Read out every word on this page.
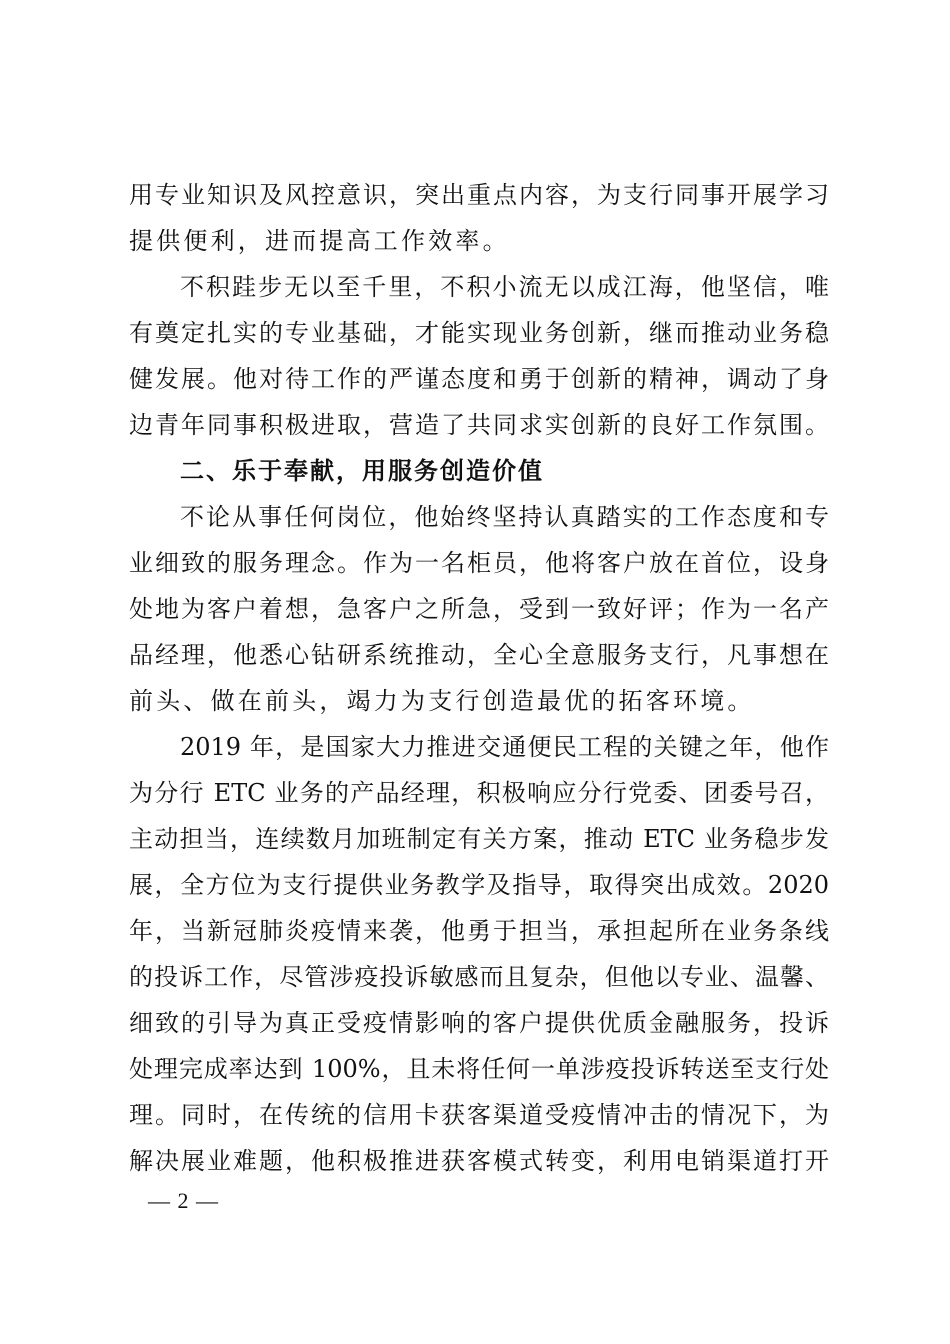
用专业知识及风控意识，突出重点内容，为支行同事开展学习
提供便利，进而提高工作效率。
不积跬步无以至千里，不积小流无以成江海，他坚信，唯
有奠定扎实的专业基础，才能实现业务创新，继而推动业务稳
健发展。他对待工作的严谨态度和勇于创新的精神，调动了身
边青年同事积极进取，营造了共同求实创新的良好工作氛围。
二、乐于奉献，用服务创造价值
不论从事任何岗位，他始终坚持认真踏实的工作态度和专
业细致的服务理念。作为一名柜员，他将客户放在首位，设身
处地为客户着想，急客户之所急，受到一致好评；作为一名产
品经理，他悉心钻研系统推动，全心全意服务支行，凡事想在
前头、做在前头，竭力为支行创造最优的拓客环境。
2019 年，是国家大力推进交通便民工程的关键之年，他作
为分行 ETC 业务的产品经理，积极响应分行党委、团委号召，
主动担当，连续数月加班制定有关方案，推动 ETC 业务稳步发
展，全方位为支行提供业务教学及指导，取得突出成效。2020
年，当新冠肺炎疫情来袭，他勇于担当，承担起所在业务条线
的投诉工作，尽管涉疫投诉敏感而且复杂，但他以专业、温馨、
细致的引导为真正受疫情影响的客户提供优质金融服务，投诉
处理完成率达到 100%，且未将任何一单涉疫投诉转送至支行处
理。同时，在传统的信用卡获客渠道受疫情冲击的情况下，为
解决展业难题，他积极推进获客模式转变，利用电销渠道打开
— 2 —
